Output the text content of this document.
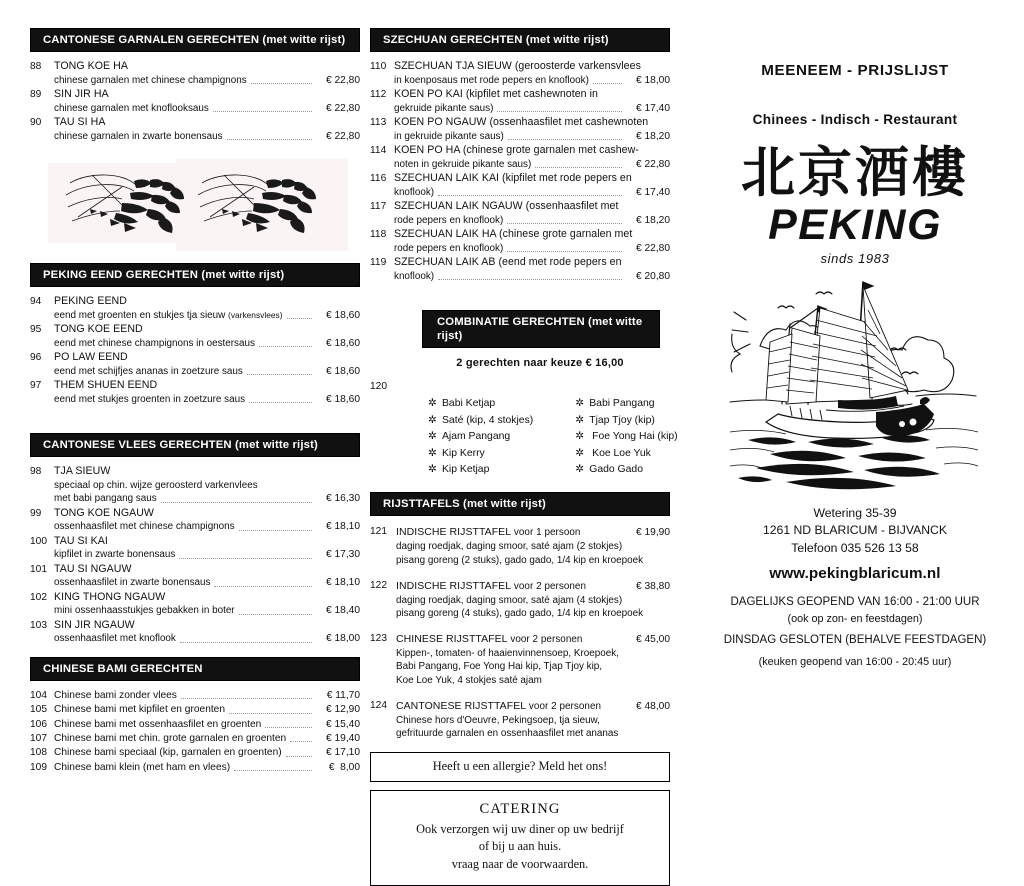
CANTONESE GARNALEN GERECHTEN (met witte rijst)
88	TONG KOE HA
chinese garnalen met chinese champignons	€ 22,80
89	SIN JIR HA
chinese garnalen met knoflooksaus	€ 22,80
90	TAU SI HA
chinese garnalen in zwarte bonensaus	€ 22,80
PEKING EEND GERECHTEN (met witte rijst)
94	PEKING EEND
eend met groenten en stukjes tja sieuw (varkensvlees)	€ 18,60
95	TONG KOE EEND
eend met chinese champignons in oestersaus	€ 18,60
96	PO LAW EEND
eend met schijfjes ananas in zoetzure saus	€ 18,60
97	THEM SHUEN EEND
eend met stukjes groenten in zoetzure saus	€ 18,60
CANTONESE VLEES GERECHTEN (met witte rijst)
98	TJA SIEUW
speciaal op chin. wijze geroosterd varkenvlees
met babi pangang saus	€ 16,30
99	TONG KOE NGAUW
ossenhaasfilet met chinese champignons	€ 18,10
100 TAU SI KAI
kipfilet in zwarte bonensaus	€ 17,30
101 TAU SI NGAUW
ossenhaasfilet in zwarte bonensaus	€ 18,10
102 KING THONG NGAUW
mini ossenhaasstukjes gebakken in boter	€ 18,40
103 SIN JIR NGAUW
ossenhaasfilet met knoflook	€ 18,00
CHINESE BAMI GERECHTEN
104 Chinese bami zonder vlees	€ 11,70
105 Chinese bami met kipfilet en groenten	€ 12,90
106 Chinese bami met ossenhaasfilet en groenten	€ 15,40
107 Chinese bami met chin. grote garnalen en groenten	€ 19,40
108 Chinese bami speciaal (kip, garnalen en groenten)	€ 17,10
109 Chinese bami klein (met ham en vlees)	€  8,00
SZECHUAN GERECHTEN (met witte rijst)
110 SZECHUAN TJA SIEUW (geroosterde varkensvlees
in koenposaus met rode pepers en knoflook)	€ 18,00
112 KOEN PO KAI (kipfilet met cashewnoten in
gekruide pikante saus)	€ 17,40
113 KOEN PO NGAUW (ossenhaasfilet met cashewnoten
in gekruide pikante saus)	€ 18,20
114 KOEN PO HA (chinese grote garnalen met cashew-
noten in gekruide pikante saus)	€ 22,80
116 SZECHUAN LAIK KAI (kipfilet met rode pepers en
knoflook)	€ 17,40
117 SZECHUAN LAIK NGAUW (ossenhaasfilet met
rode pepers en knoflook)	€ 18,20
118 SZECHUAN LAIK HA (chinese grote garnalen met
rode pepers en knoflook)	€ 22,80
119 SZECHUAN LAIK AB (eend met rode pepers en
knoflook)	€ 20,80
COMBINATIE GERECHTEN (met witte rijst)
2 gerechten naar keuze € 16,00
120
✲ Babi Ketjap
✲ Saté (kip, 4 stokjes)
✲ Ajam Pangang
✲ Kip Kerry
✲ Kip Ketjap
✲ Babi Pangang
✲ Tjap Tjoy (kip)
✲ Foe Yong Hai (kip)
✲ Koe Loe Yuk
✲ Gado Gado
RIJSTTAFELS (met witte rijst)
121 INDISCHE RIJSTTAFEL voor 1 persoon	€ 19,90
daging roedjak, daging smoor, saté ajam (2 stokjes)
pisang goreng (2 stuks), gado gado, 1/4 kip en kroepoek
122 INDISCHE RIJSTTAFEL voor 2 personen	€ 38,80
daging roedjak, daging smoor, saté ajam (4 stokjes)
pisang goreng (4 stuks), gado gado, 1/4 kip en kroepoek
123 CHINESE RIJSTTAFEL voor 2 personen	€ 45,00
Kippen-, tomaten- of haaienvinnensoep, Kroepoek,
Babi Pangang, Foe Yong Hai kip, Tjap Tjoy kip,
Koe Loe Yuk, 4 stokjes saté ajam
124 CANTONESE RIJSTTAFEL voor 2 personen	€ 48,00
Chinese hors d'Oeuvre, Pekingsoep, tja sieuw,
gefrituurde garnalen en ossenhaasfilet met ananas
Heeft u een allergie? Meld het ons!
CATERING
Ook verzorgen wij uw diner op uw bedrijf
of bij u aan huis.
vraag naar de voorwaarden.
MEENEEM - PRIJSLIJST
Chinees - Indisch - Restaurant
北京酒樓
PEKING
sinds 1983
Wetering 35-39
1261 ND BLARICUM - BIJVANCK
Telefoon 035 526 13 58
www.pekingblaricum.nl
DAGELIJKS GEOPEND VAN 16:00 - 21:00 UUR
(ook op zon- en feestdagen)
DINSDAG GESLOTEN (BEHALVE FEESTDAGEN)
(keuken geopend van 16:00 - 20:45 uur)
